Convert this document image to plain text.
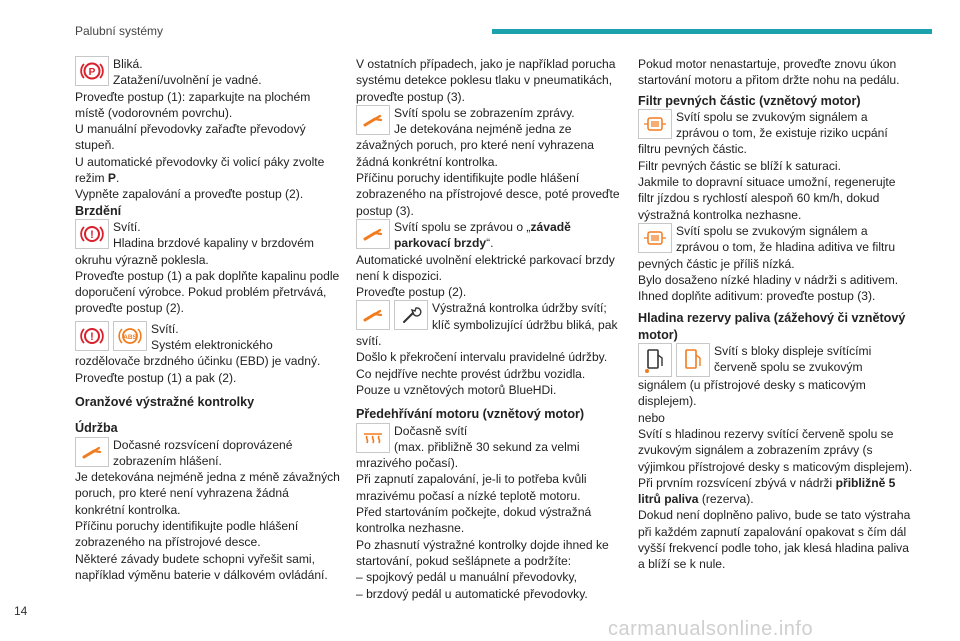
Palubní systémy
P

Bliká.

Zatažení/uvolnění je vadné.

Proveďte postup (1): zaparkujte na plochém místě (vodorovném povrchu).

U manuální převodovky zařaďte převodový stupeň.

U automatické převodovky či volicí páky zvolte režim P.

Vypněte zapalování a proveďte postup (2).

Brzdění

!

Svítí.

Hladina brzdové kapaliny v brzdovém

okruhu výrazně poklesla.

Proveďte postup (1) a pak doplňte kapalinu podle doporučení výrobce. Pokud problém přetrvává, proveďte postup (2).

!	ABS

Svítí.

Systém elektronického

rozdělovače brzdného účinku (EBD) je vadný.

Proveďte postup (1) a pak (2).

Oranžové výstražné kontrolky

Údržba

Dočasné rozsvícení doprovázené

zobrazením hlášení.

Je detekována nejméně jedna z méně závažných poruch, pro které není vyhrazena žádná konkrétní kontrolka.

Příčinu poruchy identifikujte podle hlášení zobrazeného na přístrojové desce.

Některé závady budete schopni vyřešit sami, například výměnu baterie v dálkovém ovládání.

V ostatních případech, jako je například porucha systému detekce poklesu tlaku v pneumatikách, proveďte postup (3).

Svítí spolu se zobrazením zprávy.

Je detekována nejméně jedna ze

závažných poruch, pro které není vyhrazena žádná konkrétní kontrolka.

Příčinu poruchy identifikujte podle hlášení zobrazeného na přístrojové desce, poté proveďte postup (3).

Svítí spolu se zprávou o „závadě

parkovací brzdy“.

Automatické uvolnění elektrické parkovací brzdy není k dispozici.

Proveďte postup (2).

Výstražná kontrolka údržby svítí;

klíč symbolizující údržbu bliká, pak

svítí.

Došlo k překročení intervalu pravidelné údržby.

Co nejdříve nechte provést údržbu vozidla.

Pouze u vznětových motorů BlueHDi.

Předehřívání motoru (vznětový motor)

Dočasně svítí

(max. přibližně 30 sekund za velmi

mrazivého počasí).

Při zapnutí zapalování, je-li to potřeba kvůli mrazivému počasí a nízké teplotě motoru.

Před startováním počkejte, dokud výstražná kontrolka nezhasne.

Po zhasnutí výstražné kontrolky dojde ihned ke startování, pokud sešlápnete a podržíte:

– spojkový pedál u manuální převodovky,

– brzdový pedál u automatické převodovky.

Pokud motor nenastartuje, proveďte znovu úkon startování motoru a přitom držte nohu na pedálu.

Filtr pevných částic (vznětový motor)

Svítí spolu se zvukovým signálem a

zprávou o tom, že existuje riziko ucpání

filtru pevných částic.

Filtr pevných částic se blíží k saturaci.

Jakmile to dopravní situace umožní, regenerujte filtr jízdou s rychlostí alespoň 60 km/h, dokud výstražná kontrolka nezhasne.

Svítí spolu se zvukovým signálem a

zprávou o tom, že hladina aditiva ve filtru

pevných částic je příliš nízká.

Bylo dosaženo nízké hladiny v nádrži s aditivem. Ihned doplňte aditivum: proveďte postup (3).

Hladina rezervy paliva (zážehový či vznětový motor)

Svítí s bloky displeje svítícími

červeně spolu se zvukovým

signálem (u přístrojové desky s maticovým displejem).

nebo

Svítí s hladinou rezervy svítící červeně spolu se zvukovým signálem a zobrazením zprávy (s výjimkou přístrojové desky s maticovým displejem).

Při prvním rozsvícení zbývá v nádrži přibližně 5 litrů paliva (rezerva).

Dokud není doplněno palivo, bude se tato výstraha při každém zapnutí zapalování opakovat s čím dál vyšší frekvencí podle toho, jak klesá hladina paliva a blíží se k nule.

14
carmanualsonline.info
